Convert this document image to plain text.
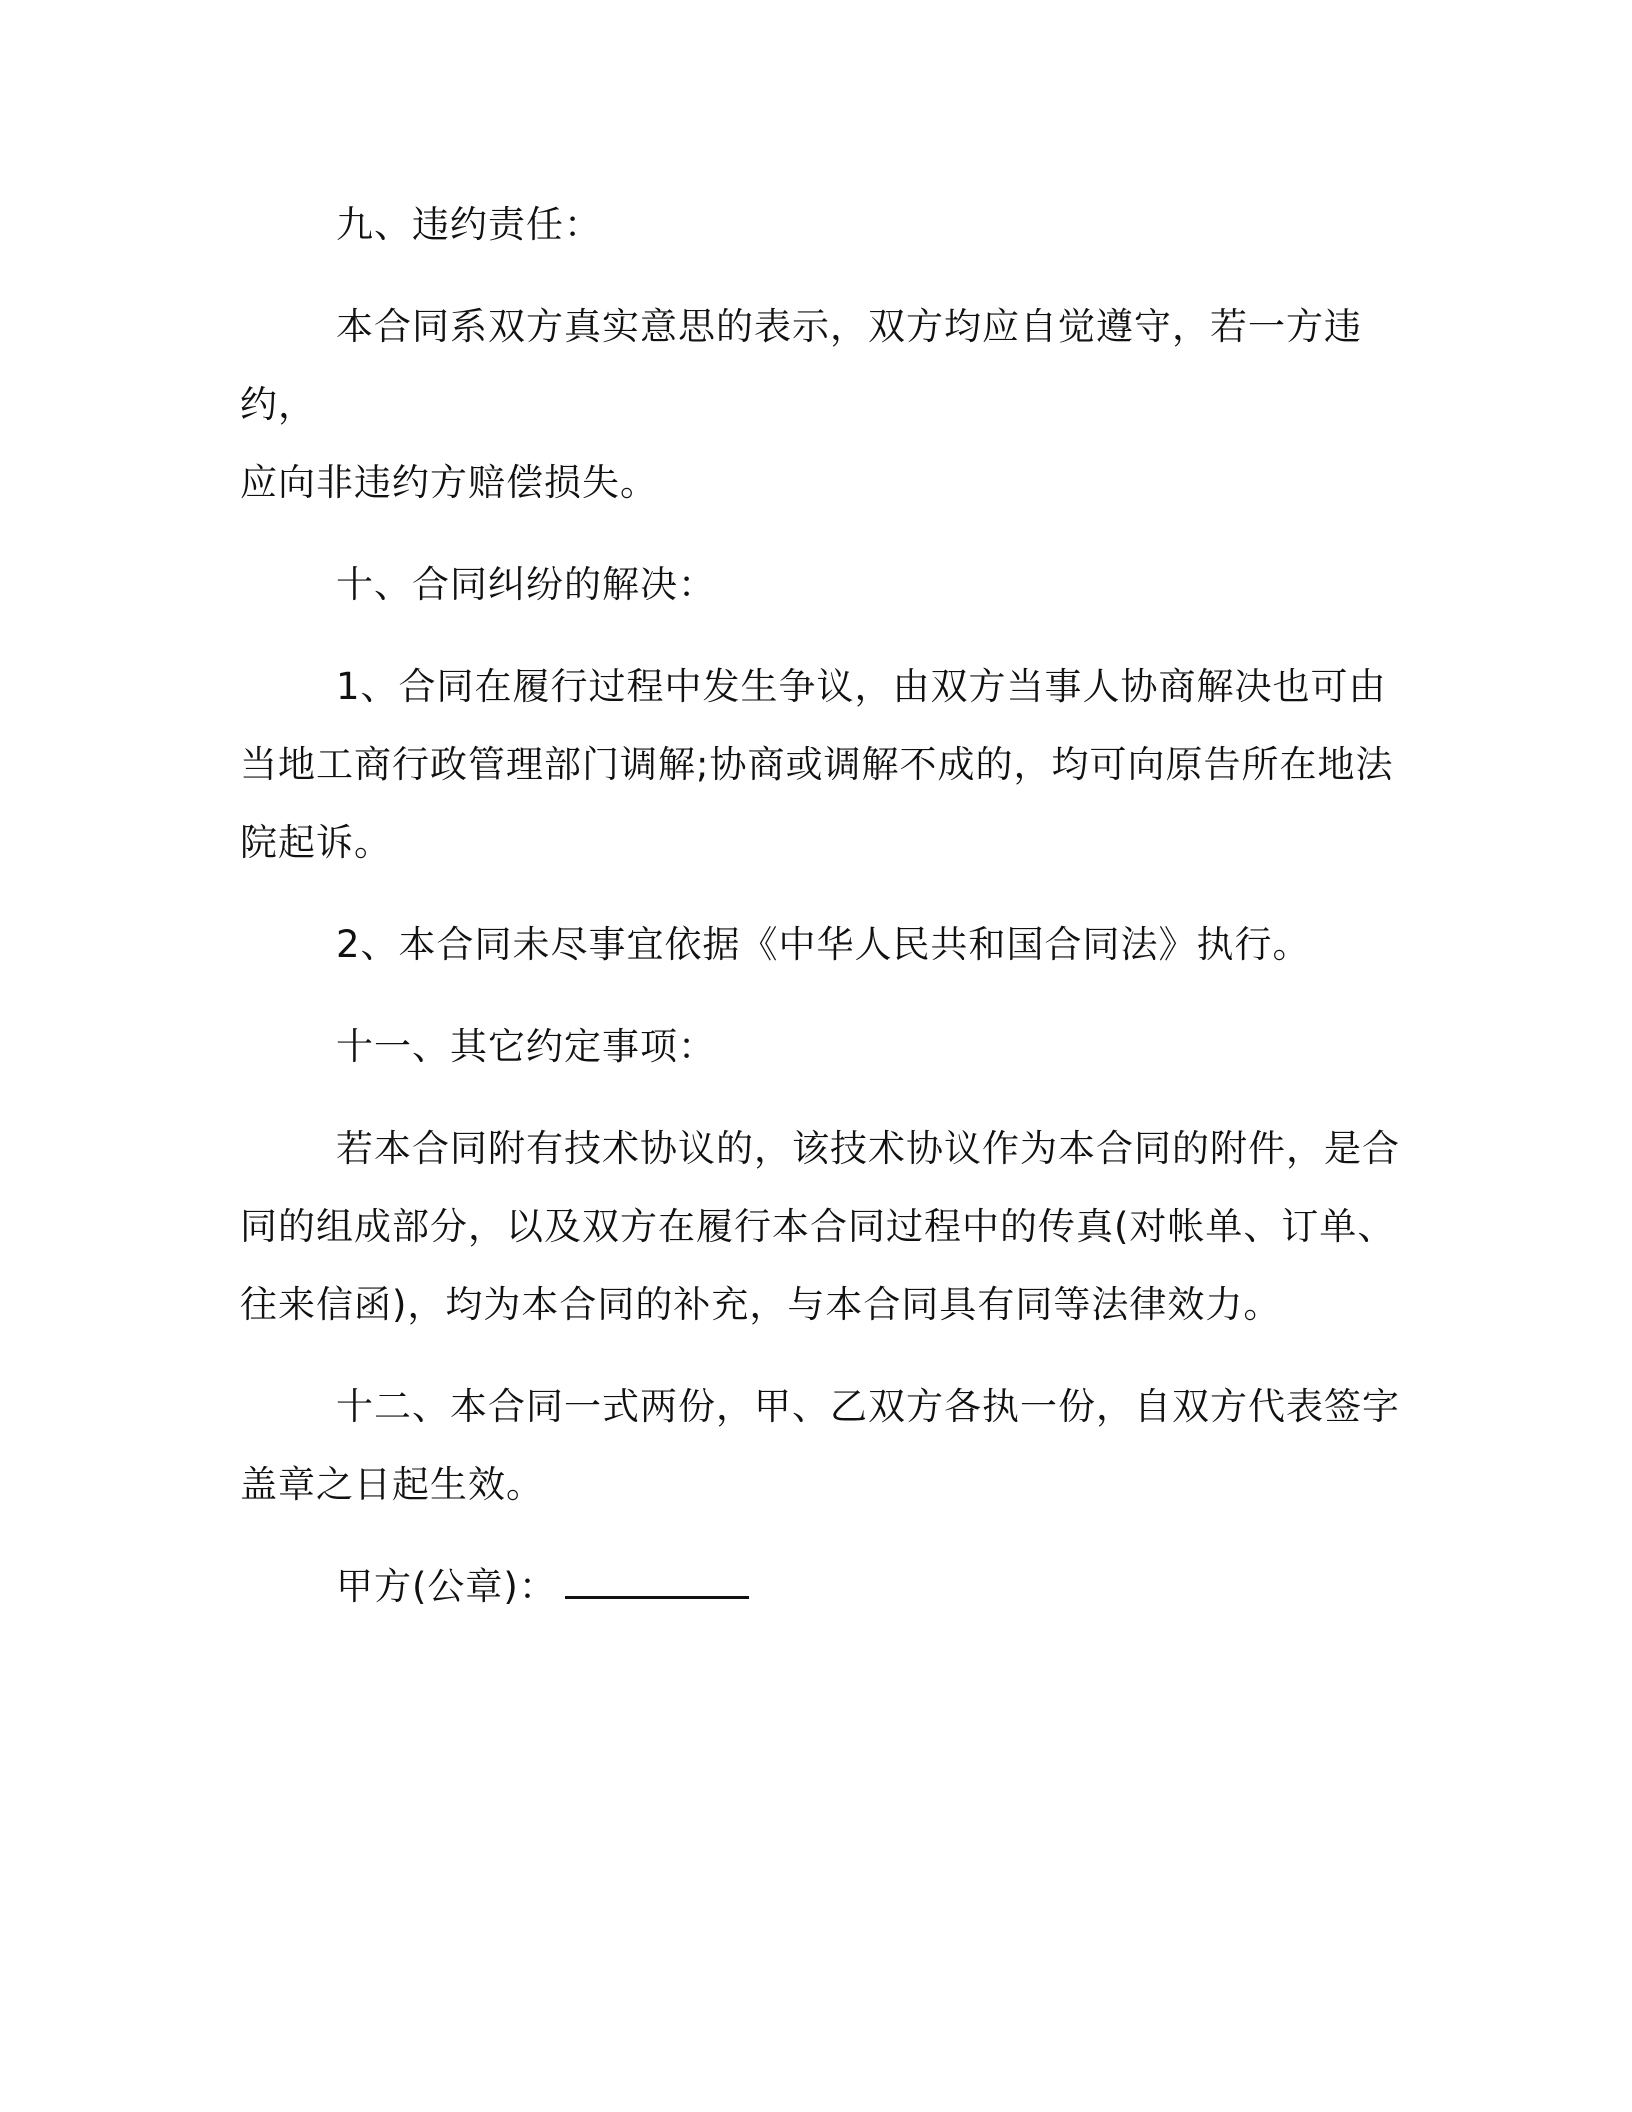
九、违约责任：

本合同系双方真实意思的表示，双方均应自觉遵守，若一方违约，
应向非违约方赔偿损失。

十、合同纠纷的解决：

1、合同在履行过程中发生争议，由双方当事人协商解决也可由
当地工商行政管理部门调解;协商或调解不成的，均可向原告所在地法
院起诉。

2、本合同未尽事宜依据《中华人民共和国合同法》执行。

十一、其它约定事项：

若本合同附有技术协议的，该技术协议作为本合同的附件，是合
同的组成部分，以及双方在履行本合同过程中的传真(对帐单、订单、
往来信函)，均为本合同的补充，与本合同具有同等法律效力。

十二、本合同一式两份，甲、乙双方各执一份，自双方代表签字
盖章之日起生效。

甲方(公章)：
